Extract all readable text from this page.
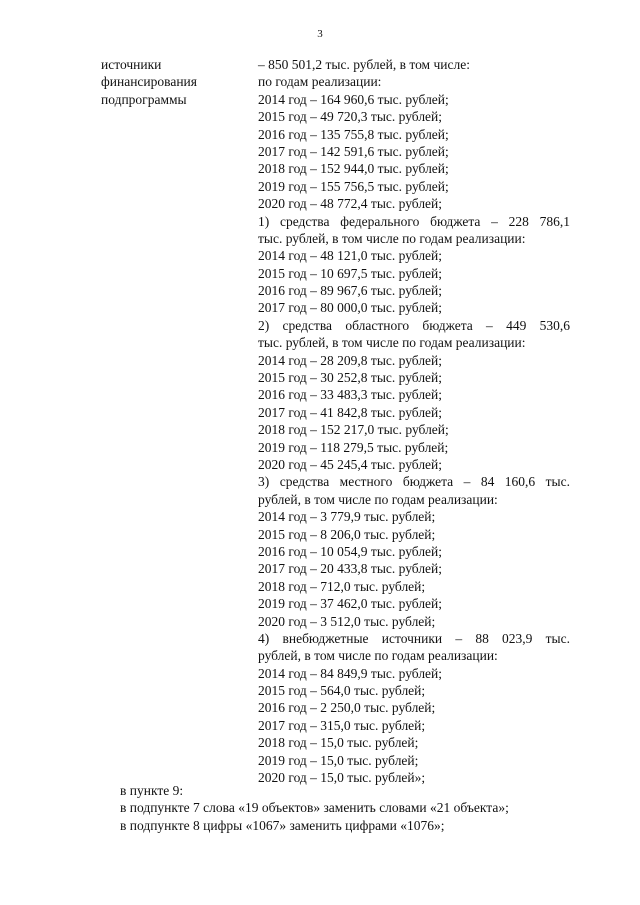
3
источники
финансирования
подпрограммы
– 850 501,2 тыс. рублей, в том числе:
по годам реализации:
2014 год – 164 960,6 тыс. рублей;
2015 год – 49 720,3 тыс. рублей;
2016 год – 135 755,8 тыс. рублей;
2017 год – 142 591,6 тыс. рублей;
2018 год – 152 944,0 тыс. рублей;
2019 год – 155 756,5 тыс. рублей;
2020 год – 48 772,4 тыс. рублей;
1) средства федерального бюджета – 228 786,1
тыс. рублей, в том числе по годам реализации:
2014 год – 48 121,0 тыс. рублей;
2015 год – 10 697,5 тыс. рублей;
2016 год – 89 967,6 тыс. рублей;
2017 год – 80 000,0 тыс. рублей;
2) средства областного бюджета – 449 530,6
тыс. рублей, в том числе по годам реализации:
2014 год – 28 209,8 тыс. рублей;
2015 год – 30 252,8 тыс. рублей;
2016 год – 33 483,3 тыс. рублей;
2017 год – 41 842,8 тыс. рублей;
2018 год – 152 217,0 тыс. рублей;
2019 год – 118 279,5 тыс. рублей;
2020 год – 45 245,4 тыс. рублей;
3) средства местного бюджета – 84 160,6 тыс.
рублей, в том числе по годам реализации:
2014 год – 3 779,9 тыс. рублей;
2015 год – 8 206,0 тыс. рублей;
2016 год – 10 054,9 тыс. рублей;
2017 год – 20 433,8 тыс. рублей;
2018 год – 712,0 тыс. рублей;
2019 год – 37 462,0 тыс. рублей;
2020 год – 3 512,0 тыс. рублей;
4) внебюджетные источники – 88 023,9 тыс.
рублей, в том числе по годам реализации:
2014 год – 84 849,9 тыс. рублей;
2015 год – 564,0 тыс. рублей;
2016 год – 2 250,0 тыс. рублей;
2017 год – 315,0 тыс. рублей;
2018 год – 15,0 тыс. рублей;
2019 год – 15,0 тыс. рублей;
2020 год – 15,0 тыс. рублей»;
в пункте 9:
в подпункте 7 слова «19 объектов» заменить словами «21 объекта»;
в подпункте 8 цифры «1067» заменить цифрами «1076»;
